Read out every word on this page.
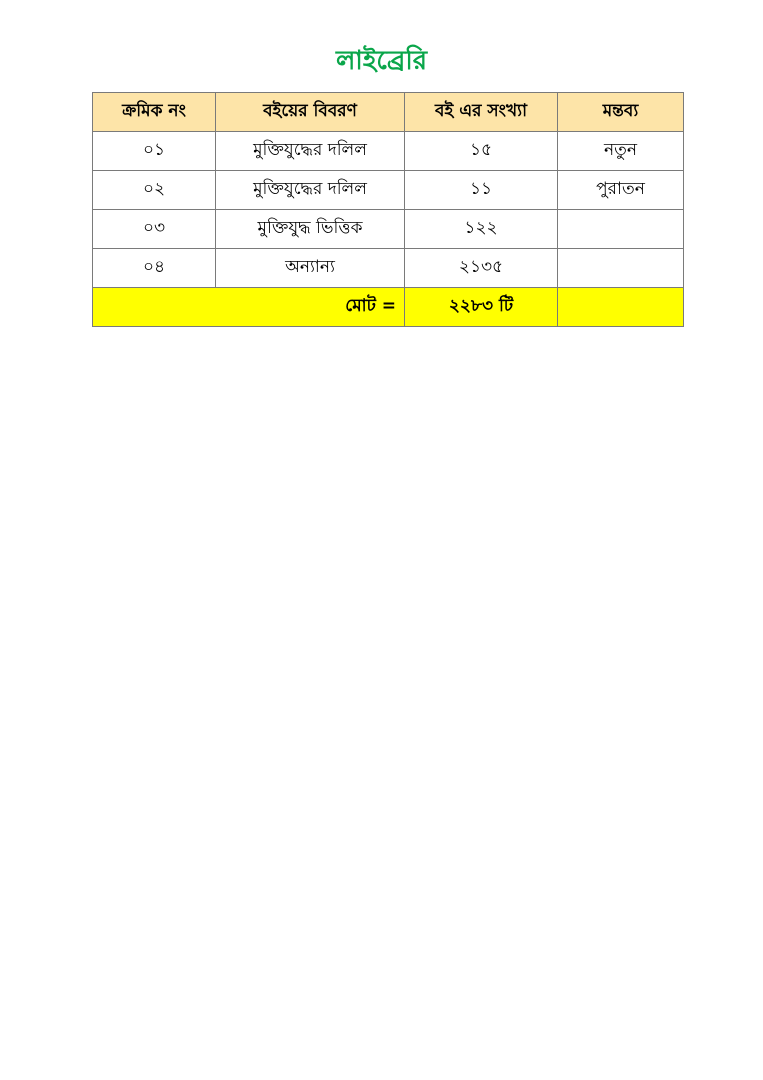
লাইব্রেরি
ক্রমিক নং	বইয়ের বিবরণ	বই এর সংখ্যা	মন্তব্য
০১	মুক্তিযুদ্ধের দলিল	১৫	নতুন
০২	মুক্তিযুদ্ধের দলিল	১১	পুরাতন
০৩	মুক্তিযুদ্ধ ভিত্তিক	১২২	
০৪	অন্যান্য	২১৩৫	
মোট =		২২৮৩ টি	
